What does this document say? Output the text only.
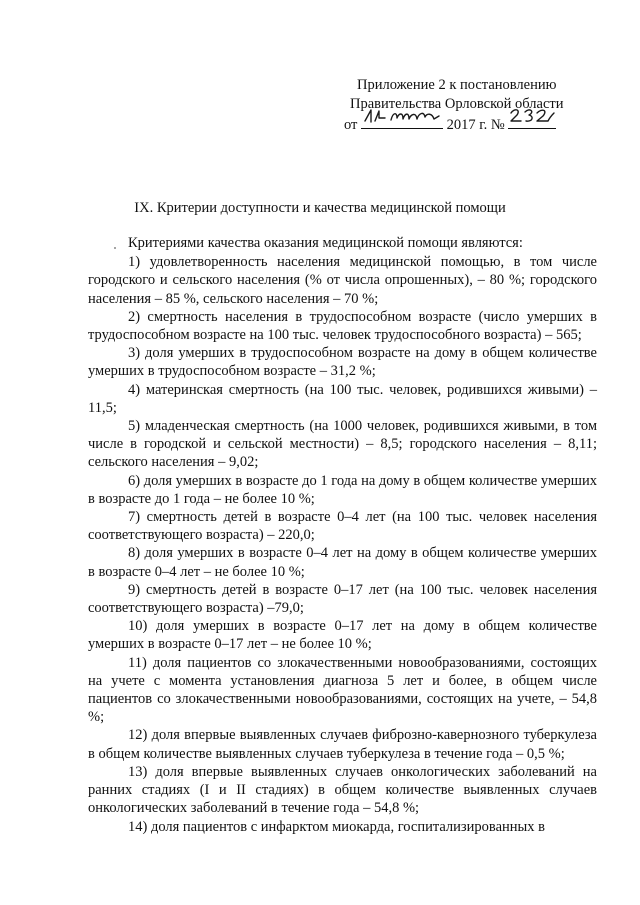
Приложение 2 к постановлению
Правительства Орловской области
от	2017 г. №
IX. Критерии доступности и качества медицинской помощи

Критериями качества оказания медицинской помощи являются:

1) удовлетворенность населения медицинской помощью, в том числе городского и сельского населения (% от числа опрошенных), – 80 %; городского населения – 85 %, сельского населения – 70 %;

2) смертность населения в трудоспособном возрасте (число умерших в трудоспособном возрасте на 100 тыс. человек трудоспособного возраста) – 565;

3) доля умерших в трудоспособном возрасте на дому в общем количестве умерших в трудоспособном возрасте – 31,2 %;

4) материнская смертность (на 100 тыс. человек, родившихся живыми) – 11,5;

5) младенческая смертность (на 1000 человек, родившихся живыми, в том числе в городской и сельской местности) – 8,5; городского населения – 8,11; сельского населения – 9,02;

6) доля умерших в возрасте до 1 года на дому в общем количестве умерших в возрасте до 1 года – не более 10 %;

7) смертность детей в возрасте 0–4 лет (на 100 тыс. человек населения соответствующего возраста) – 220,0;

8) доля умерших в возрасте 0–4 лет на дому в общем количестве умерших в возрасте 0–4 лет – не более 10 %;

9) смертность детей в возрасте 0–17 лет (на 100 тыс. человек населения соответствующего возраста) –79,0;

10) доля умерших в возрасте 0–17 лет на дому в общем количестве умерших в возрасте 0–17 лет – не более 10 %;

11) доля пациентов со злокачественными новообразованиями, состоящих на учете с момента установления диагноза 5 лет и более, в общем числе пациентов со злокачественными новообразованиями, состоящих на учете, – 54,8 %;

12) доля впервые выявленных случаев фиброзно-кавернозного туберкулеза в общем количестве выявленных случаев туберкулеза в течение года – 0,5 %;

13) доля впервые выявленных случаев онкологических заболеваний на ранних стадиях (I и II стадиях) в общем количестве выявленных случаев онкологических заболеваний в течение года – 54,8 %;

14) доля пациентов с инфарктом миокарда, госпитализированных в
